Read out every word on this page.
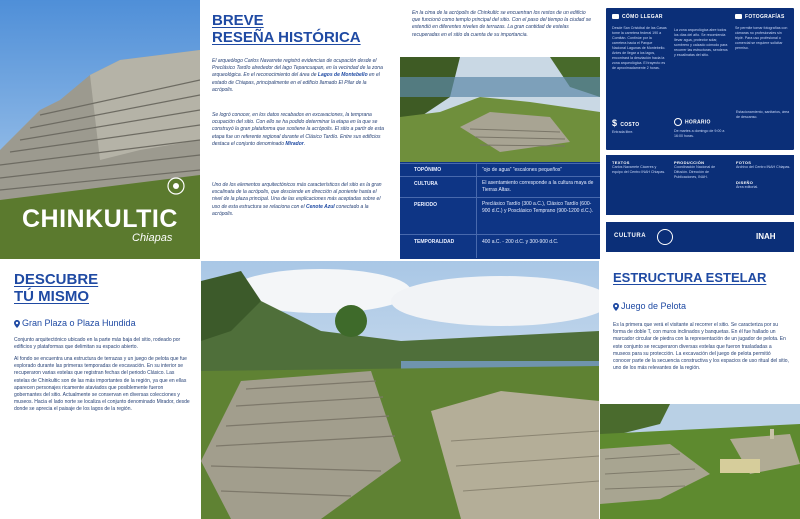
CHINKULTIC
Chiapas
BREVE
RESEÑA HISTÓRICA
El arqueólogo Carlos Navarrete registró evidencias de ocupación desde el Preclásico Tardío alrededor del lago Tepancuapan, en la vecindad de la zona arqueológica. En el reconocimiento del área de Lagos de Montebello en el estado de Chiapas, principalmente en el edificio llamado El Pilar de la acrópolis.
Se logró conocer, en los datos recabados en excavaciones, la temprana ocupación del sitio. Con ello se ha podido determinar la etapa en la que se construyó la gran plataforma que sostiene la acrópolis. El sitio a partir de esta etapa fue un referente regional durante el Clásico Tardío. Entre sus edificios destaca el conjunto denominado Mirador.
Uno de los elementos arquitectónicos más característicos del sitio es la gran escalinata de la acrópolis, que desciende en dirección al poniente hasta el nivel de la plaza principal. Una de las explicaciones más aceptadas sobre el uso de esta estructura se relaciona con el Cenote Azul conectado a la acrópolis.
En la cima de la acrópolis de Chinkultic se encuentran los restos de un edificio que funcionó como templo principal del sitio. Con el paso del tiempo la ciudad se extendió en diferentes niveles de terrazas. La gran cantidad de estelas recuperadas en el sitio da cuenta de su importancia.
TOPÓNIMO	“ojo de agua” “escalones pequeños”
CULTURA	El asentamiento corresponde a la cultura maya de Tierras Altas.
PERIODO	Preclásico Tardío (300 a.C.), Clásico Tardío (600-900 d.C.) y Posclásico Temprano (900-1200 d.C.).
TEMPORALIDAD	400 a.C. - 200 d.C. y 300-900 d.C.
CÓMO LLEGAR
Desde San Cristóbal de las Casas tome la carretera federal 190 a Comitán. Continúe por la carretera hacia el Parque Nacional Lagunas de Montebello. Antes de llegar a los lagos, encontrará la desviación hacia la zona arqueológica. El trayecto es de aproximadamente 2 horas.
La zona arqueológica abre todos los días del año. Se recomienda llevar agua, protector solar, sombrero y calzado cómodo para recorrer las estructuras, senderos y escalinatas del sitio.
FOTOGRAFÍAS
Se permite tomar fotografías con cámaras no profesionales sin tripié. Para uso profesional o comercial se requiere solicitar permiso.
$ COSTO
Entrada libre.
HORARIO
De martes a domingo de 9:00 a 16:00 horas.
Estacionamiento, sanitarios, área de descanso.
TEXTOS
Carlos Navarrete Cáceres y equipo del Centro INAH Chiapas.
PRODUCCIÓN
Coordinación Nacional de Difusión. Dirección de Publicaciones, INAH.
FOTOS
Archivo del Centro INAH Chiapas.
DISEÑO
Área editorial.
CULTURA	INAH
DESCUBRE
TÚ MISMO
Gran Plaza o Plaza Hundida
Conjunto arquitectónico ubicado en la parte más baja del sitio, rodeado por edificios y plataformas que delimitan su espacio abierto.
Al fondo se encuentra una estructura de terrazas y un juego de pelota que fue explorado durante las primeras temporadas de excavación. En su interior se recuperaron varias estelas que registran fechas del periodo Clásico. Las estelas de Chinkultic son de las más importantes de la región, ya que en ellas aparecen personajes ricamente ataviados que posiblemente fueron gobernantes del sitio. Actualmente se conservan en diversas colecciones y museos. Hacia el lado norte se localiza el conjunto denominado Mirador, desde donde se aprecia el paisaje de los lagos de la región.
ESTRUCTURA ESTELAR
Juego de Pelota
Es la primera que verá el visitante al recorrer el sitio. Se caracteriza por su forma de doble T, con muros inclinados y banquetas. En él fue hallado un marcador circular de piedra con la representación de un jugador de pelota. En este conjunto se recuperaron diversas estelas que fueron trasladadas a museos para su protección. La excavación del juego de pelota permitió conocer parte de la secuencia constructiva y los espacios de uso ritual del sitio, uno de los más relevantes de la región.
